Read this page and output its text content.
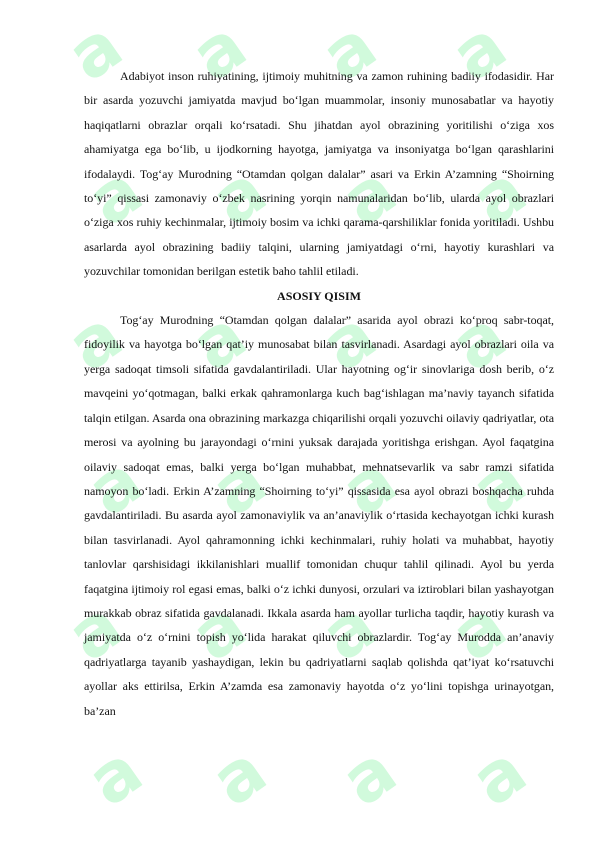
a a a a
a a a a
a a a a
a a a a
a a a a
a a a a

Adabiyot inson ruhiyatining, ijtimoiy muhitning va zamon ruhining badiiy ifodasidir. Har bir asarda yozuvchi jamiyatda mavjud bo‘lgan muammolar, insoniy munosabatlar va hayotiy haqiqatlarni obrazlar orqali ko‘rsatadi. Shu jihatdan ayol obrazining yoritilishi o‘ziga xos ahamiyatga ega bo‘lib, u ijodkorning hayotga, jamiyatga va insoniyatga bo‘lgan qarashlarini ifodalaydi. Tog‘ay Murodning “Otamdan qolgan dalalar” asari va Erkin A’zamning “Shoirning to‘yi” qissasi zamonaviy o‘zbek nasrining yorqin namunalaridan bo‘lib, ularda ayol obrazlari o‘ziga xos ruhiy kechinmalar, ijtimoiy bosim va ichki qarama-qarshiliklar fonida yoritiladi. Ushbu asarlarda ayol obrazining badiiy talqini, ularning jamiyatdagi o‘rni, hayotiy kurashlari va yozuvchilar tomonidan berilgan estetik baho tahlil etiladi.

ASOSIY QISIM

Tog‘ay Murodning “Otamdan qolgan dalalar” asarida ayol obrazi ko‘proq sabr-toqat, fidoyilik va hayotga bo‘lgan qat’iy munosabat bilan tasvirlanadi. Asardagi ayol obrazlari oila va yerga sadoqat timsoli sifatida gavdalantiriladi. Ular hayotning og‘ir sinovlariga dosh berib, o‘z mavqeini yo‘qotmagan, balki erkak qahramonlarga kuch bag‘ishlagan ma’naviy tayanch sifatida talqin etilgan. Asarda ona obrazining markazga chiqarilishi orqali yozuvchi oilaviy qadriyatlar, ota merosi va ayolning bu jarayondagi o‘rnini yuksak darajada yoritishga erishgan. Ayol faqatgina oilaviy sadoqat emas, balki yerga bo‘lgan muhabbat, mehnatsevarlik va sabr ramzi sifatida namoyon bo‘ladi. Erkin A’zamning “Shoirning to‘yi” qissasida esa ayol obrazi boshqacha ruhda gavdalantiriladi. Bu asarda ayol zamonaviylik va an’anaviylik o‘rtasida kechayotgan ichki kurash bilan tasvirlanadi. Ayol qahramonning ichki kechinmalari, ruhiy holati va muhabbat, hayotiy tanlovlar qarshisidagi ikkilanishlari muallif tomonidan chuqur tahlil qilinadi. Ayol bu yerda faqatgina ijtimoiy rol egasi emas, balki o‘z ichki dunyosi, orzulari va iztiroblari bilan yashayotgan murakkab obraz sifatida gavdalanadi. Ikkala asarda ham ayollar turlicha taqdir, hayotiy kurash va jamiyatda o‘z o‘rnini topish yo‘lida harakat qiluvchi obrazlardir. Tog‘ay Murodda an’anaviy qadriyatlarga tayanib yashaydigan, lekin bu qadriyatlarni saqlab qolishda qat’iyat ko‘rsatuvchi ayollar aks ettirilsa, Erkin A’zamda esa zamonaviy hayotda o‘z yo‘lini topishga urinayotgan, ba’zan
